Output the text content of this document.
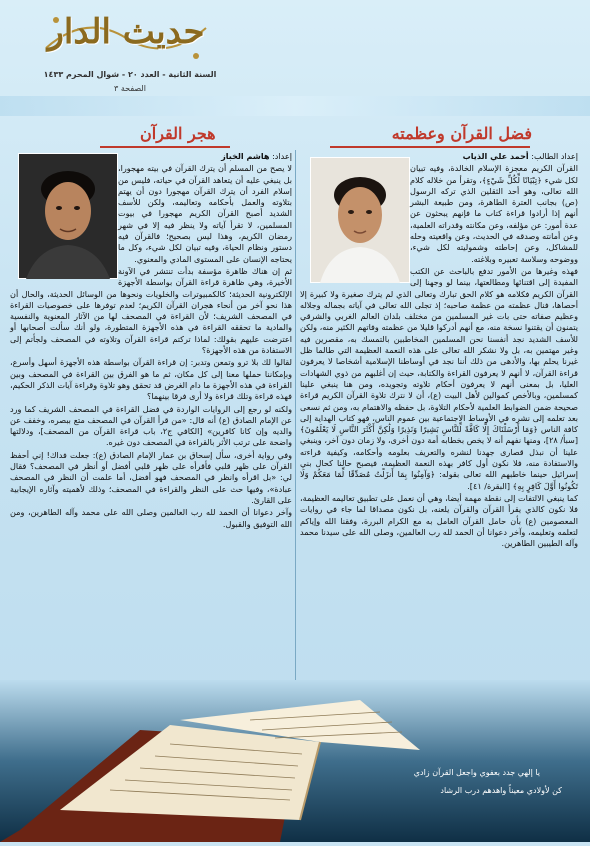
حديث الدار
السنة الثانية - العدد ٢٠ - شوال المحرم ١٤٣٣
الصفحة ٣
فضل القرآن وعظمته
هجر القرآن

إعداد الطالب: أحمد علي الذياب

القرآن الكريم معجزة الإسلام الخالدة، وفيه تبيان لكل شيء ﴿تِبْيَانًا لِّكُلِّ شَيْءٍ﴾، وتقرأ من خلاله كلام الله تعالى، وهو أحد الثقلين الذي تركه الرسول (ص) بجانب العترة الطاهرة، ومن طبيعة البشر أنهم إذا أرادوا قراءة كتاب ما فإنهم يبحثون عن عدة أمور: عن مؤلفه، وعن مكانته وقدراته العلمية، وعن أمانته وصدقه في الحديث، وعن واقعيته وحله للمشاكل، وعن إحاطته وشموليته لكل شيء، ووضوحه وسلاسة تعبيره وبلاغته.

فهذه وغيرها من الأمور تدفع بالباحث عن الكتب المفيدة إلى اقتنائها ومطالعتها، بينما لو وجهنا إلى القرآن الكريم فكلامه هو كلام الحق تبارك وتعالى الذي لم يترك صغيرة ولا كبيرة إلا أحصاها، فنال عظمته من عظمة صاحبه؛ إذ تجلى الله تعالى في آياته بجماله وجلاله وعظيم صفاته حتى بات غير المسلمين من مختلف بلدان العالم الغربي والشرقي يتمنون أن يقتنوا نسخة منه، مع أنهم أدركوا قليلا من عظمته وفاتهم الكثير منه، ولكن للأسف الشديد نجد أنفسنا نحن المسلمين المخاطبين بالتمسك به، مقصرين فيه وغير مهتمين به، بل ولا نشكر الله تعالى على هذه النعمة العظيمة التي طالما ظل غيرنا يحلم بها، والأدهى من ذلك أننا نجد في أوساطنا الإسلامية أشخاصا لا يعرفون قراءة القرآن، لا أنهم لا يعرفون القراءة والكتابة، حيث إن أغلبهم من ذوي الشهادات العليا، بل بمعنى أنهم لا يعرفون أحكام تلاوته وتجويده، ومن هنا ينبغي علينا كمسلمين، وبالأخص كموالين لأهل البيت (ع)، أن لا نترك تلاوة القرآن الكريم قراءة صحيحة ضمن الضوابط العلمية لأحكام التلاوة، بل حفظه والاهتمام به، ومن ثم نسعى بعد تعلمه إلى نشره في الأوساط الاجتماعية بين عموم الناس، فهو كتاب الهداية إلى كافة الناس ﴿وَمَا أَرْسَلْنَاكَ إِلَّا كَافَّةً لِّلنَّاسِ بَشِيرًا وَنَذِيرًا وَلَٰكِنَّ أَكْثَرَ النَّاسِ لَا يَعْلَمُونَ﴾ [سبأ/ ٢٨]، ومنها نفهم أنه لا يخص بخطابه أمة دون أخرى، ولا زمان دون آخر، وينبغي علينا أن نبذل قصارى جهدنا لنشره والتعريف بعلومه وأحكامه، وكيفية قراءته والاستفادة منه، فلا نكون أول كافر بهذه النعمة العظيمة، فيصبح حالنا كحال بني إسرائيل حينما خاطبهم الله تعالى بقوله: ﴿وَآمِنُوا بِمَا أَنزَلْتُ مُصَدِّقًا لِّمَا مَعَكُمْ وَلَا تَكُونُوا أَوَّلَ كَافِرٍ بِهِ﴾ [البقرة/ ٤١].

كما ينبغي الالتفات إلى نقطة مهمة أيضا، وهي أن نعمل على تطبيق تعاليمه العظيمة، فلا نكون كالذي يقرأ القرآن والقرآن يلعنه، بل نكون مصداقا لما جاء في روايات المعصومين (ع) بأن حامل القرآن العامل به مع الكرام البررة، وفقنا الله وإياكم لتعلمه وتعليمه، وآخر دعوانا أن الحمد لله رب العالمين، وصلى الله على سيدنا محمد وآله الطيبين الطاهرين.

إعداد: هاشم الخباز

لا يصح من المسلم أن يترك القرآن في بيته مهجورا، بل ينبغي عليه أن يتعاهد القرآن في حياته، فليس من إسلام الفرد أن يترك القرآن مهجورا دون أن يهتم بتلاوته والعمل بأحكامه وتعاليمه، ولكن للأسف الشديد أصبح القرآن الكريم مهجورا في بيوت المسلمين، لا تقرأ آياته ولا ينظر فيه إلا في شهر رمضان الكريم، وهذا ليس بصحيح؛ فالقرآن فيه دستور ونظام الحياة، وفيه تبيان لكل شيء، وكل ما يحتاجه الإنسان على المستوى المادي والمعنوي.

ثم إن هناك ظاهرة مؤسفة بدأت تنتشر في الآونة الأخيرة، وهي ظاهرة قراءة القرآن بواسطة الأجهزة الإلكترونية الحديثة؛ كالكمبيوترات والخلويات ونحوها من الوسائل الحديثة، والحال أن هذا نحو آخر من أنحاء هجران القرآن الكريم؛ لعدم توفرها على خصوصيات القراءة في المصحف الشريف؛ لأن القراءة في المصحف لها من الآثار المعنوية والنفسية والمادية ما تحققه القراءة في هذه الأجهزة المتطورة، ولو أنك سألت أصحابها أو اعترضت عليهم بقولك: لماذا تركتم قراءة القرآن وتلاوته في المصحف ولجأتم إلى الاستفادة من هذه الأجهزة؟

لقالوا لك بلا ترو وتمعن وتدبر: إن قراءة القرآن بواسطة هذه الأجهزة أسهل وأسرع، وبإمكاننا حملها معنا إلى كل مكان، ثم ما هو الفرق بين القراءة في المصحف وبين القراءة في هذه الأجهزة ما دام الغرض قد تحقق وهو تلاوة وقراءة آيات الذكر الحكيم، فهذه قراءة وتلك قراءة ولا أرى فرقا بينهما؟

ولكنه لو رجع إلى الروايات الواردة في فضل القراءة في المصحف الشريف كما ورد عن الإمام الصادق (ع) أنه قال: «من قرأ القرآن في المصحف متع ببصره، وخفف عن والديه وإن كانا كافرين» [الكافي ج٢، باب قراءة القرآن من المصحف]، ودلالتها واضحة على ترتب الأثر بالقراءة في المصحف دون غيره.

وفي رواية أخرى، سأل إسحاق بن عمار الإمام الصادق (ع): جعلت فداك! إني أحفظ القرآن على ظهر قلبي فأقرأه على ظهر قلبي أفضل أو أنظر في المصحف؟ فقال لي: «بل اقرأه وانظر في المصحف فهو أفضل، أما علمت أن النظر في المصحف عبادة»، وفيها حث على النظر والقراءة في المصحف؛ وذلك لأهميته وآثاره الإيجابية على القارئ.

وآخر دعوانا أن الحمد لله رب العالمين وصلى الله على محمد وآله الطاهرين، ومن الله التوفيق والقبول.

يا إلهي جدد بعفوي واجعل القرآن زادي
كن لأولادي معيناً واهدهم درب الرشاد
